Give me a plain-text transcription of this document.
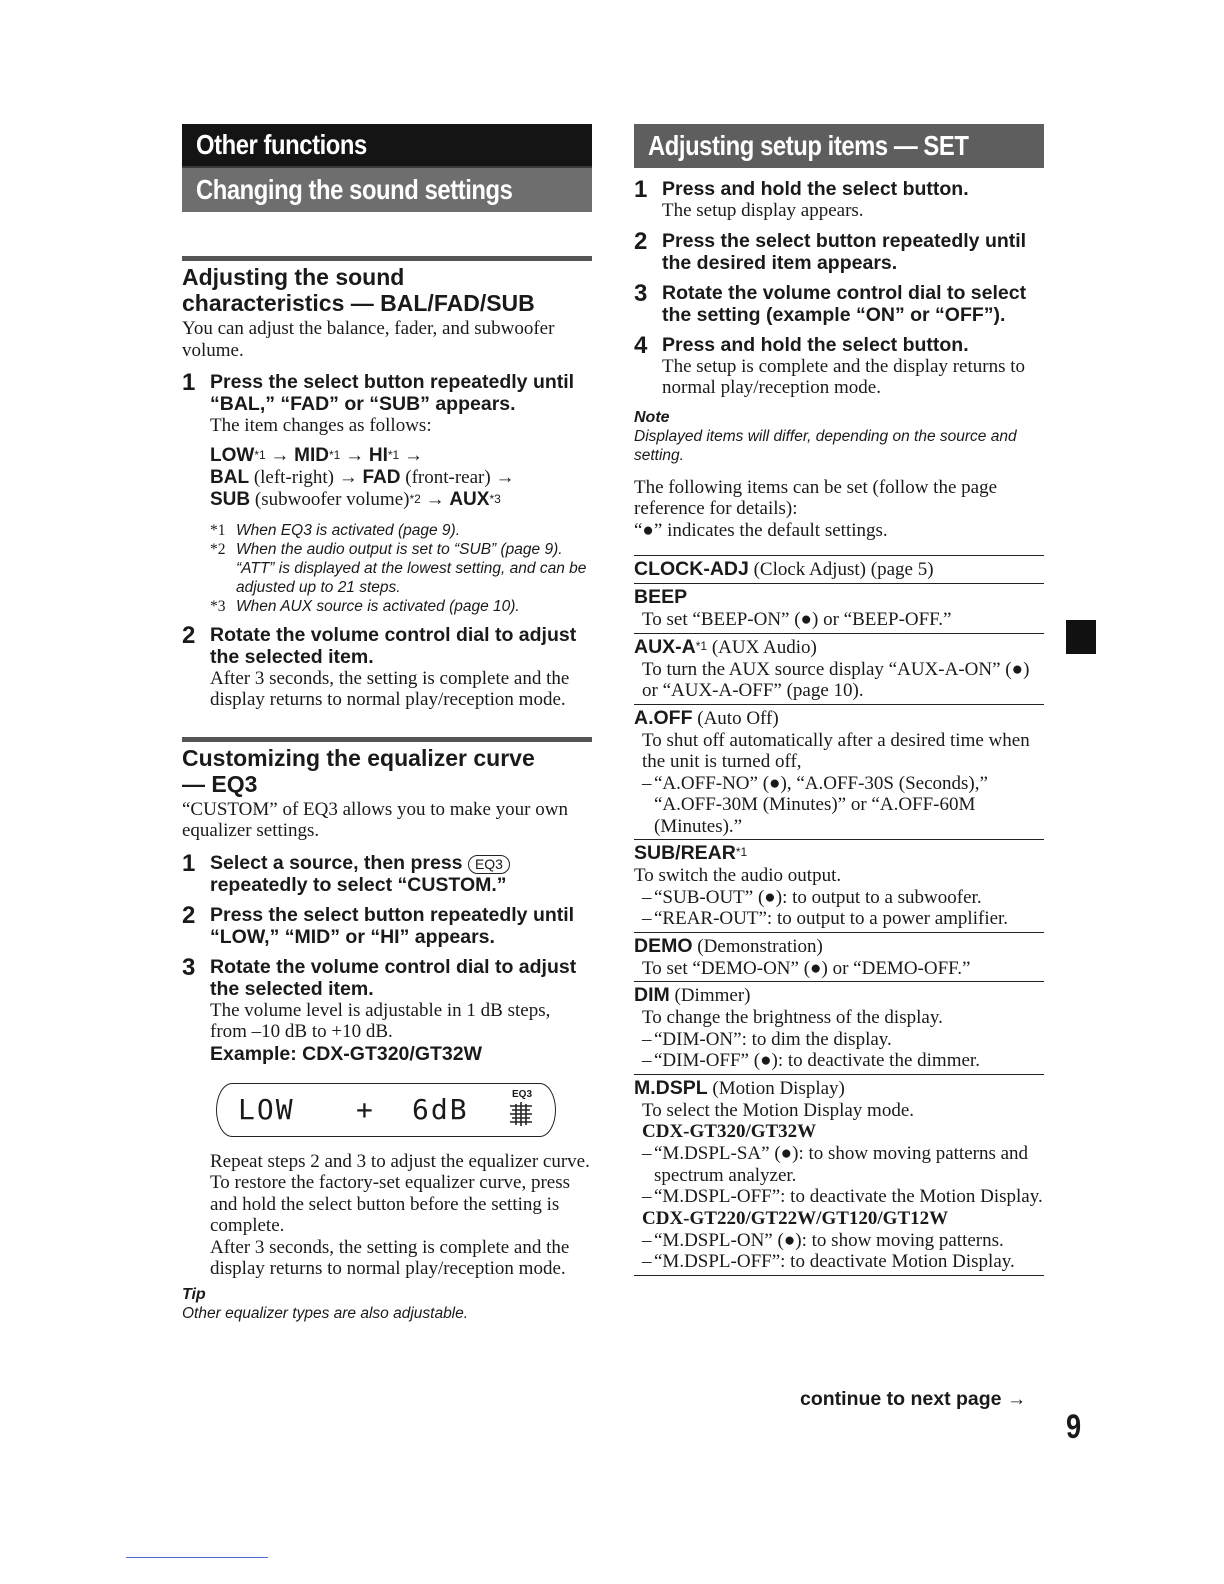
Other functions
Changing the sound settings
Adjusting the sound
characteristics — BAL/FAD/SUB

You can adjust the balance, fader, and subwoofer volume.

1 Press the select button repeatedly until “BAL,” “FAD” or “SUB” appears.
The item changes as follows:
$LOW^{*1} \to MID^{*1} \to HI^{*1}$ →
BAL (left-right) → FAD (front-rear) →
SUB (subwoofer volume)$^{*2}$ → $AUX^{*3}$
*1 When EQ3 is activated (page 9).
*2 When the audio output is set to “SUB” (page 9). “ATT” is displayed at the lowest setting, and can be adjusted up to 21 steps.
*3 When AUX source is activated (page 10).
2 Rotate the volume control dial to adjust the selected item.
After 3 seconds, the setting is complete and the display returns to normal play/reception mode.
Customizing the equalizer curve
— EQ3

“CUSTOM” of EQ3 allows you to make your own equalizer settings.

1 Select a source, then press EQ3 repeatedly to select “CUSTOM.”
2 Press the select button repeatedly until “LOW,” “MID” or “HI” appears.
3 Rotate the volume control dial to adjust the selected item.
The volume level is adjustable in 1 dB steps, from –10 dB to +10 dB.
Example: CDX-GT320/GT32W
LOW + 6dB	EQ3
Repeat steps 2 and 3 to adjust the equalizer curve.
To restore the factory-set equalizer curve, press and hold the select button before the setting is complete.
After 3 seconds, the setting is complete and the display returns to normal play/reception mode.
Tip
Other equalizer types are also adjustable.
Adjusting setup items — SET
1 Press and hold the select button.
The setup display appears.
2 Press the select button repeatedly until the desired item appears.
3 Rotate the volume control dial to select the setting (example “ON” or “OFF”).
4 Press and hold the select button.
The setup is complete and the display returns to normal play/reception mode.
Note
Displayed items will differ, depending on the source and setting.

The following items can be set (follow the page reference for details):

“●” indicates the default settings.

CLOCK-ADJ (Clock Adjust) (page 5)
BEEP
To set “BEEP-ON” (●) or “BEEP-OFF.”
AUX-$A^{*1}$ (AUX Audio)
To turn the AUX source display “AUX-A-ON” (●) or “AUX-A-OFF” (page 10).
A.OFF (Auto Off)
To shut off automatically after a desired time when the unit is turned off,
– “A.OFF-NO” (●), “A.OFF-30S (Seconds),” “A.OFF-30M (Minutes)” or “A.OFF-60M (Minutes).”
SUB/REAR$^{*1}$
To switch the audio output.
– “SUB-OUT” (●): to output to a subwoofer.
– “REAR-OUT”: to output to a power amplifier.
DEMO (Demonstration)
To set “DEMO-ON” (●) or “DEMO-OFF.”
DIM (Dimmer)
To change the brightness of the display.
– “DIM-ON”: to dim the display.
– “DIM-OFF” (●): to deactivate the dimmer.
M.DSPL (Motion Display)
To select the Motion Display mode.
CDX-GT320/GT32W
– “M.DSPL-SA” (●): to show moving patterns and spectrum analyzer.
– “M.DSPL-OFF”: to deactivate the Motion Display.
CDX-GT220/GT22W/GT120/GT12W
– “M.DSPL-ON” (●): to show moving patterns.
– “M.DSPL-OFF”: to deactivate Motion Display.
continue to next page →
9
